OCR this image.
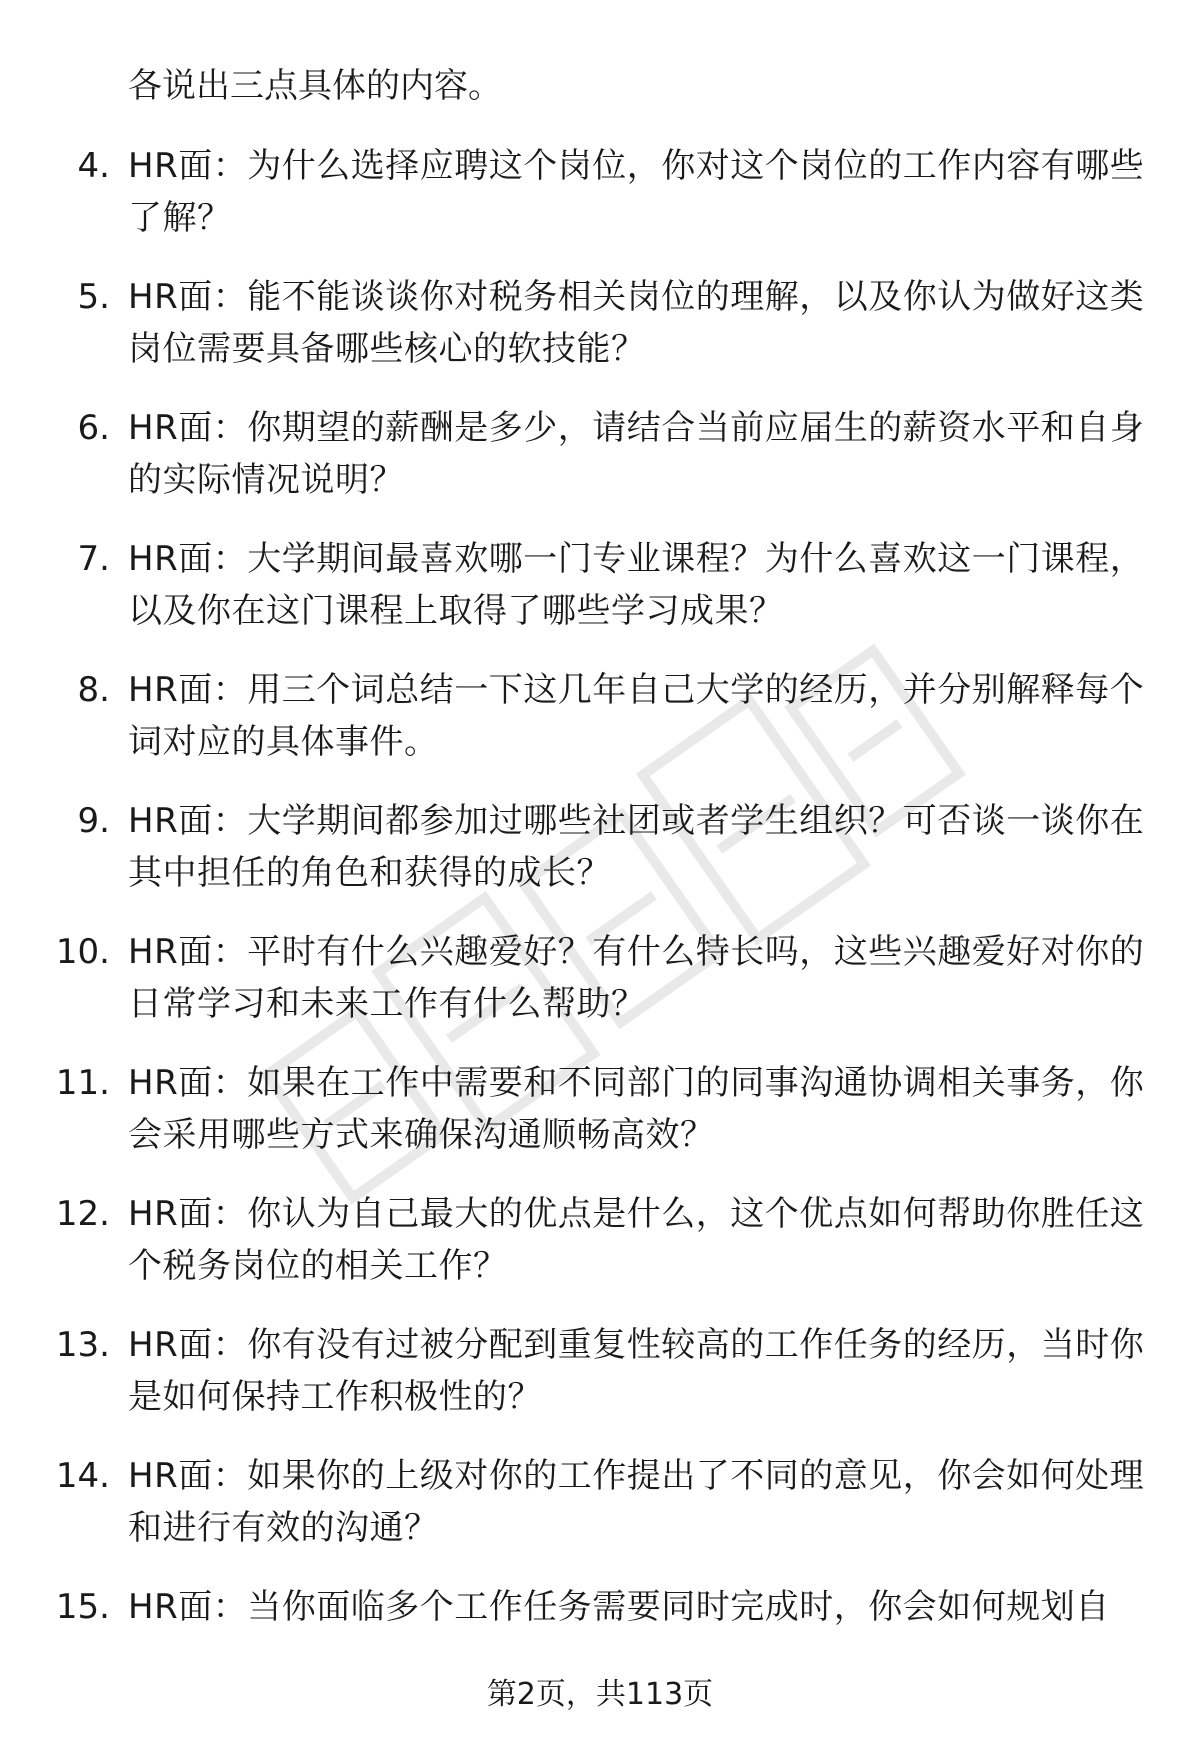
各说出三点具体的内容。
4. HR面：为什么选择应聘这个岗位，你对这个岗位的工作内容有哪些了解？
5. HR面：能不能谈谈你对税务相关岗位的理解，以及你认为做好这类岗位需要具备哪些核心的软技能？
6. HR面：你期望的薪酬是多少，请结合当前应届生的薪资水平和自身的实际情况说明？
7. HR面：大学期间最喜欢哪一门专业课程？为什么喜欢这一门课程，以及你在这门课程上取得了哪些学习成果？
8. HR面：用三个词总结一下这几年自己大学的经历，并分别解释每个词对应的具体事件。
9. HR面：大学期间都参加过哪些社团或者学生组织？可否谈一谈你在其中担任的角色和获得的成长？
10. HR面：平时有什么兴趣爱好？有什么特长吗，这些兴趣爱好对你的日常学习和未来工作有什么帮助？
11. HR面：如果在工作中需要和不同部门的同事沟通协调相关事务，你会采用哪些方式来确保沟通顺畅高效？
12. HR面：你认为自己最大的优点是什么，这个优点如何帮助你胜任这个税务岗位的相关工作？
13. HR面：你有没有过被分配到重复性较高的工作任务的经历，当时你是如何保持工作积极性的？
14. HR面：如果你的上级对你的工作提出了不同的意见，你会如何处理和进行有效的沟通？
15. HR面：当你面临多个工作任务需要同时完成时，你会如何规划自
第2页，共113页
